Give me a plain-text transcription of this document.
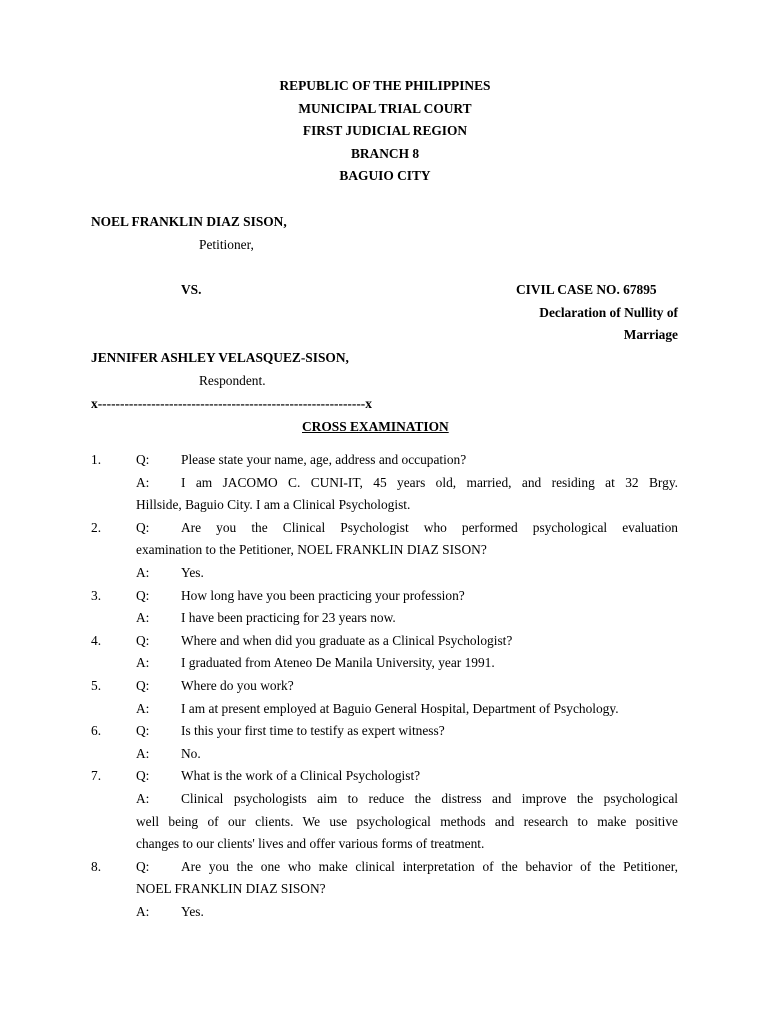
REPUBLIC OF THE PHILIPPINES
MUNICIPAL TRIAL COURT
FIRST JUDICIAL REGION
BRANCH 8
BAGUIO CITY
NOEL FRANKLIN DIAZ SISON,
Petitioner,
VS.	CIVIL CASE NO. 67895
Declaration of Nullity of
Marriage
JENNIFER ASHLEY VELASQUEZ-SISON,
Respondent.
x------------------------------------------------------------x
CROSS EXAMINATION
1.	Q:	Please state your name, age, address and occupation?
A:	I am JACOMO C. CUNI-IT, 45 years old, married, and residing at 32 Brgy.
Hillside, Baguio City. I am a Clinical Psychologist.
2.	Q:	Are you the Clinical Psychologist who performed psychological evaluation
examination to the Petitioner, NOEL FRANKLIN DIAZ SISON?
A:	Yes.
3.	Q:	How long have you been practicing your profession?
A:	I have been practicing for 23 years now.
4.	Q:	Where and when did you graduate as a Clinical Psychologist?
A:	I graduated from Ateneo De Manila University, year 1991.
5.	Q:	Where do you work?
A:	I am at present employed at Baguio General Hospital, Department of Psychology.
6.	Q:	Is this your first time to testify as expert witness?
A:	No.
7.	Q:	What is the work of a Clinical Psychologist?
A:	Clinical psychologists aim to reduce the distress and improve the psychological
well being of our clients. We use psychological methods and research to make positive
changes to our clients' lives and offer various forms of treatment.
8.	Q:	Are you the one who make clinical interpretation of the behavior of the Petitioner,
NOEL FRANKLIN DIAZ SISON?
A:	Yes.
